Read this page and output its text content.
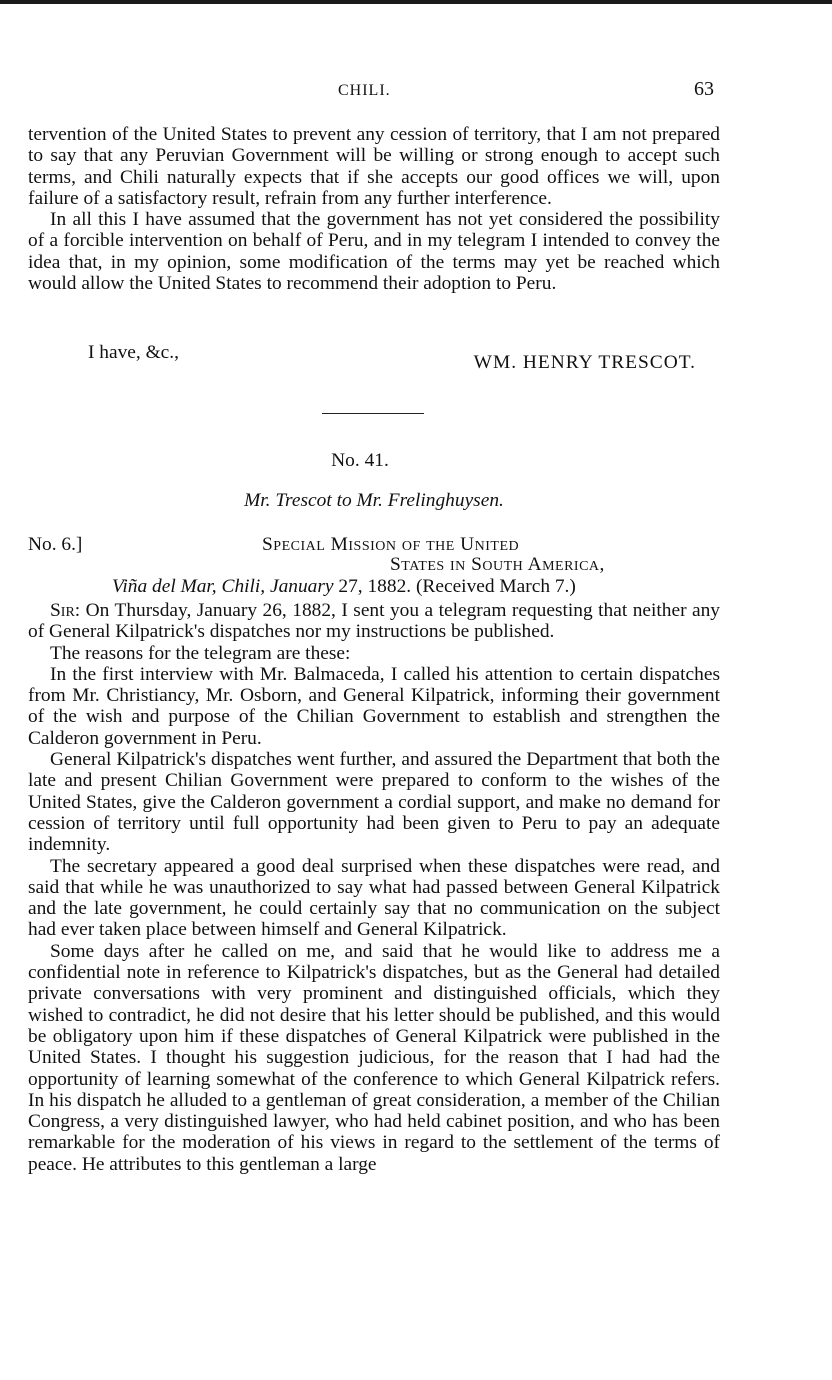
CHILI.	63

tervention of the United States to prevent any cession of territory, that I am not prepared to say that any Peruvian Government will be willing or strong enough to accept such terms, and Chili naturally expects that if she accepts our good offices we will, upon failure of a satisfactory result, refrain from any further interference.

In all this I have assumed that the government has not yet considered the possibility of a forcible intervention on behalf of Peru, and in my telegram I intended to convey the idea that, in my opinion, some modification of the terms may yet be reached which would allow the United States to recommend their adoption to Peru.

I have, &c.,	WM. HENRY TRESCOT.
No. 41.
Mr. Trescot to Mr. Frelinghuysen.
No. 6.]	Special Mission of the United
States in South America,
Viña del Mar, Chili, January 27, 1882. (Received March 7.)

Sir: On Thursday, January 26, 1882, I sent you a telegram requesting that neither any of General Kilpatrick's dispatches nor my instructions be published.

The reasons for the telegram are these:

In the first interview with Mr. Balmaceda, I called his attention to certain dispatches from Mr. Christiancy, Mr. Osborn, and General Kilpatrick, informing their government of the wish and purpose of the Chilian Government to establish and strengthen the Calderon government in Peru.

General Kilpatrick's dispatches went further, and assured the Department that both the late and present Chilian Government were prepared to conform to the wishes of the United States, give the Calderon government a cordial support, and make no demand for cession of territory until full opportunity had been given to Peru to pay an adequate indemnity.

The secretary appeared a good deal surprised when these dispatches were read, and said that while he was unauthorized to say what had passed between General Kilpatrick and the late government, he could certainly say that no communication on the subject had ever taken place between himself and General Kilpatrick.

Some days after he called on me, and said that he would like to address me a confidential note in reference to Kilpatrick's dispatches, but as the General had detailed private conversations with very prominent and distinguished officials, which they wished to contradict, he did not desire that his letter should be published, and this would be obligatory upon him if these dispatches of General Kilpatrick were published in the United States. I thought his suggestion judicious, for the reason that I had had the opportunity of learning somewhat of the conference to which General Kilpatrick refers. In his dispatch he alluded to a gentleman of great consideration, a member of the Chilian Congress, a very distinguished lawyer, who had held cabinet position, and who has been remarkable for the moderation of his views in regard to the settlement of the terms of peace. He attributes to this gentleman a large
